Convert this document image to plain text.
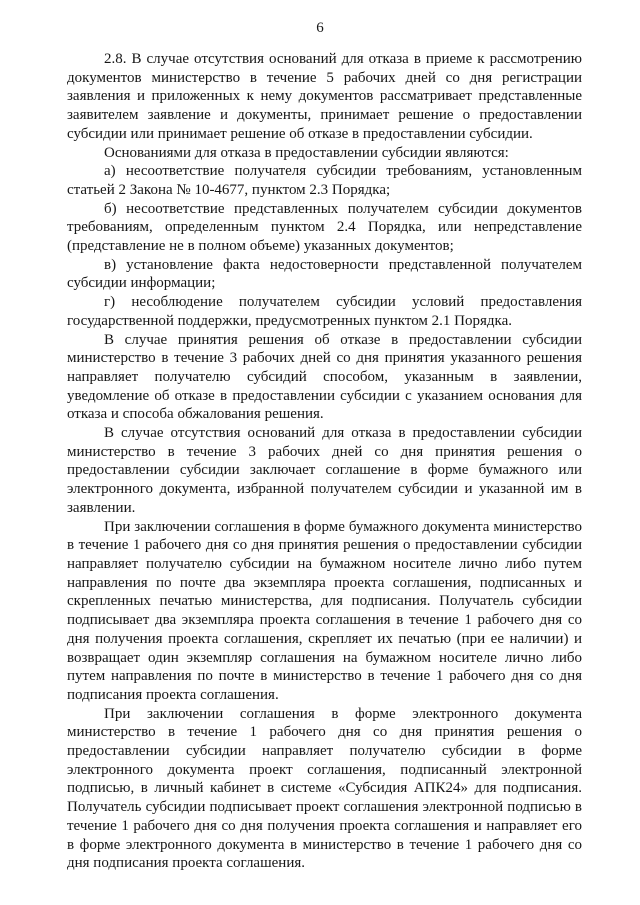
6

2.8. В случае отсутствия оснований для отказа в приеме к рассмотрению документов министерство в течение 5 рабочих дней со дня регистрации заявления и приложенных к нему документов рассматривает представленные заявителем заявление и документы, принимает решение о предоставлении субсидии или принимает решение об отказе в предоставлении субсидии.

Основаниями для отказа в предоставлении субсидии являются:

а) несоответствие получателя субсидии требованиям, установленным статьей 2 Закона № 10-4677, пунктом 2.3 Порядка;

б) несоответствие представленных получателем субсидии документов требованиям, определенным пунктом 2.4 Порядка, или непредставление (представление не в полном объеме) указанных документов;

в) установление факта недостоверности представленной получателем субсидии информации;

г) несоблюдение получателем субсидии условий предоставления государственной поддержки, предусмотренных пунктом 2.1 Порядка.

В случае принятия решения об отказе в предоставлении субсидии министерство в течение 3 рабочих дней со дня принятия указанного решения направляет получателю субсидий способом, указанным в заявлении, уведомление об отказе в предоставлении субсидии с указанием основания для отказа и способа обжалования решения.

В случае отсутствия оснований для отказа в предоставлении субсидии министерство в течение 3 рабочих дней со дня принятия решения о предоставлении субсидии заключает соглашение в форме бумажного или электронного документа, избранной получателем субсидии и указанной им в заявлении.

При заключении соглашения в форме бумажного документа министерство в течение 1 рабочего дня со дня принятия решения о предоставлении субсидии направляет получателю субсидии на бумажном носителе лично либо путем направления по почте два экземпляра проекта соглашения, подписанных и скрепленных печатью министерства, для подписания. Получатель субсидии подписывает два экземпляра проекта соглашения в течение 1 рабочего дня со дня получения проекта соглашения, скрепляет их печатью (при ее наличии) и возвращает один экземпляр соглашения на бумажном носителе лично либо путем направления по почте в министерство в течение 1 рабочего дня со дня подписания проекта соглашения.

При заключении соглашения в форме электронного документа министерство в течение 1 рабочего дня со дня принятия решения о предоставлении субсидии направляет получателю субсидии в форме электронного документа проект соглашения, подписанный электронной подписью, в личный кабинет в системе «Субсидия АПК24» для подписания. Получатель субсидии подписывает проект соглашения электронной подписью в течение 1 рабочего дня со дня получения проекта соглашения и направляет его в форме электронного документа в министерство в течение 1 рабочего дня со дня подписания проекта соглашения.
